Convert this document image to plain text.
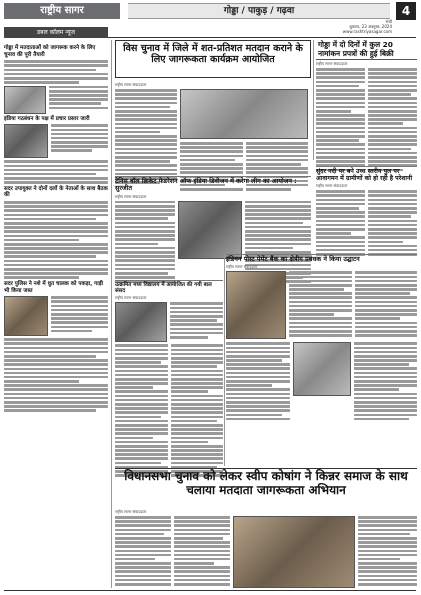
राष्ट्रीय सागर	गोड्डा / पाकुड़ / गढ़वा	4
रांची
बुधवार, 23 अक्टूबर, 2024
www.rashtriyasagar.com
डबल कॉलम न्यूज
गोड्डा में मतदाताओं को जागरूक करने के लिए चुनाव की पूरी तैयारी
इंडिया गठबंधन के पक्ष में प्रचार प्रसार जारी
सदर उपायुक्त ने दोनों दलों के नेताओं के साथ बैठक की
सदर पुलिस ने नशे में धुत चालक को पकड़ा, गाड़ी भी किया जब्त
विस चुनाव में जिले में शत-प्रतिशत मतदान कराने के लिए जागरूकता कार्यक्रम आयोजित
राष्ट्रीय सागर संवाददाता
गोड्डा में दो दिनों में कुल 20 नामांकन प्रपत्रों की हुई बिक्री
राष्ट्रीय सागर संवाददाता
टेनिस बॉल क्रिकेट फेडरेशन ऑफ इंडिया डिवीजन में करेगा लीग का आयोजन : सुरजीत
राष्ट्रीय सागर संवाददाता
सुंदर नदी पर बने उच्च स्तरीय पुल पर आवागमन में ग्रामीणों को हो रही है परेशानी
राष्ट्रीय सागर संवाददाता
इंडियन पोस्ट पेमेंट बैंक का क्षेत्रीय प्रबंधक ने किया उद्घाटन
राष्ट्रीय सागर संवाददाता
उत्क्रमित मध्य विद्यालय में आयोजित की गयी बाल संसद
राष्ट्रीय सागर संवाददाता
विधानसभा चुनाव को लेकर स्वीप कोषांग ने किन्नर समाज के साथ चलाया मतदाता जागरूकता अभियान
राष्ट्रीय सागर संवाददाता
